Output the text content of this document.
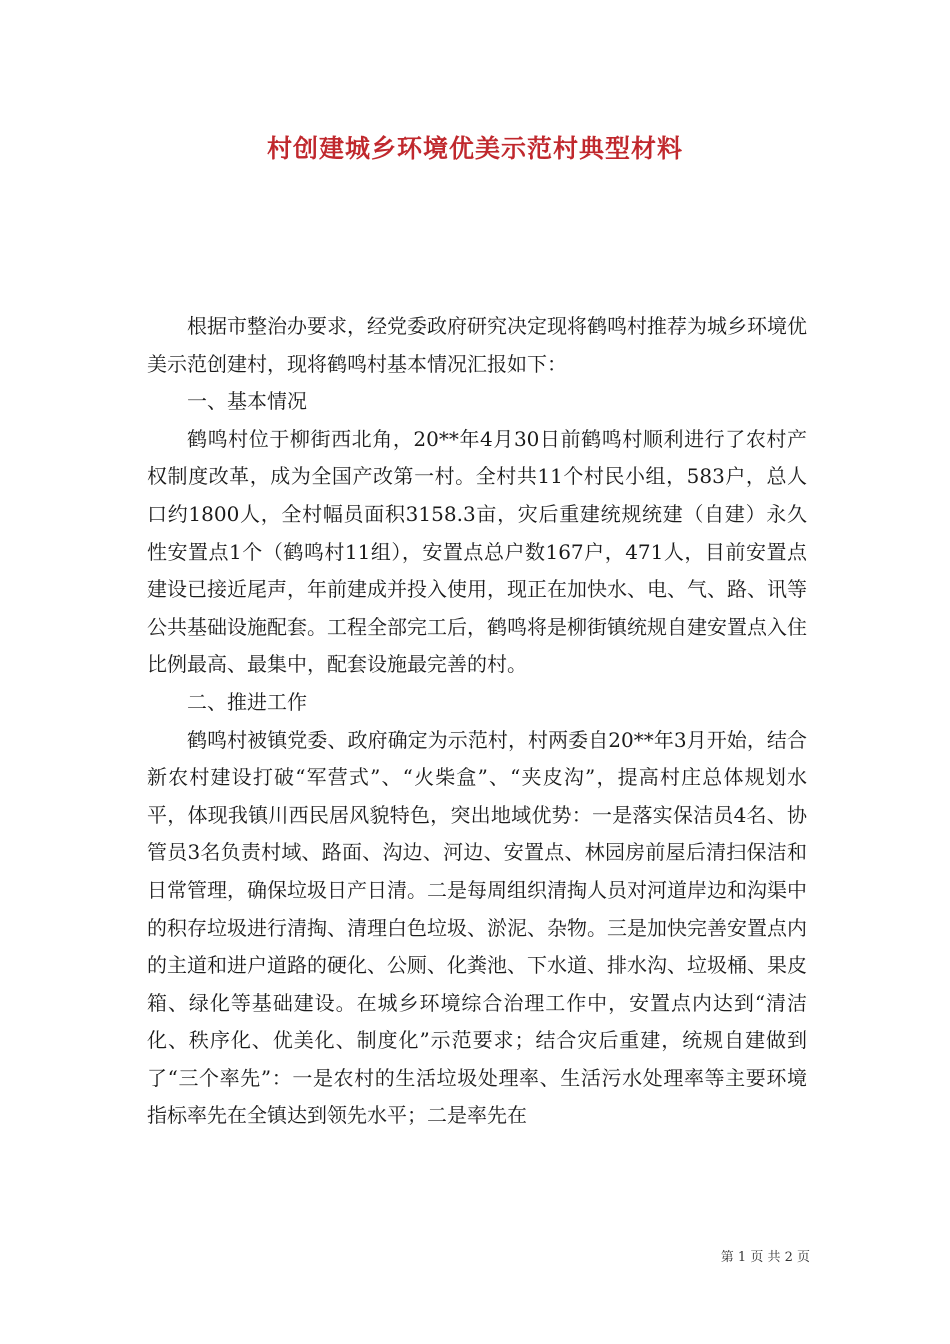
村创建城乡环境优美示范村典型材料

根据市整治办要求，经党委政府研究决定现将鹤鸣村推荐为城乡环境优美示范创建村，现将鹤鸣村基本情况汇报如下：

一、基本情况

鹤鸣村位于柳街西北角，20**年4月30日前鹤鸣村顺利进行了农村产权制度改革，成为全国产改第一村。全村共11个村民小组，583户，总人口约1800人，全村幅员面积3158.3亩，灾后重建统规统建（自建）永久性安置点1个（鹤鸣村11组），安置点总户数167户，471人，目前安置点建设已接近尾声，年前建成并投入使用，现正在加快水、电、气、路、讯等公共基础设施配套。工程全部完工后，鹤鸣将是柳街镇统规自建安置点入住比例最高、最集中，配套设施最完善的村。

二、推进工作

鹤鸣村被镇党委、政府确定为示范村，村两委自20**年3月开始，结合新农村建设打破“军营式”、“火柴盒”、“夹皮沟”，提高村庄总体规划水平，体现我镇川西民居风貌特色，突出地域优势：一是落实保洁员4名、协管员3名负责村域、路面、沟边、河边、安置点、林园房前屋后清扫保洁和日常管理，确保垃圾日产日清。二是每周组织清掏人员对河道岸边和沟渠中的积存垃圾进行清掏、清理白色垃圾、淤泥、杂物。三是加快完善安置点内的主道和进户道路的硬化、公厕、化粪池、下水道、排水沟、垃圾桶、果皮箱、绿化等基础建设。在城乡环境综合治理工作中，安置点内达到“清洁化、秩序化、优美化、制度化”示范要求；结合灾后重建，统规自建做到了“三个率先”：一是农村的生活垃圾处理率、生活污水处理率等主要环境指标率先在全镇达到领先水平；二是率先在

第 1 页 共 2 页
